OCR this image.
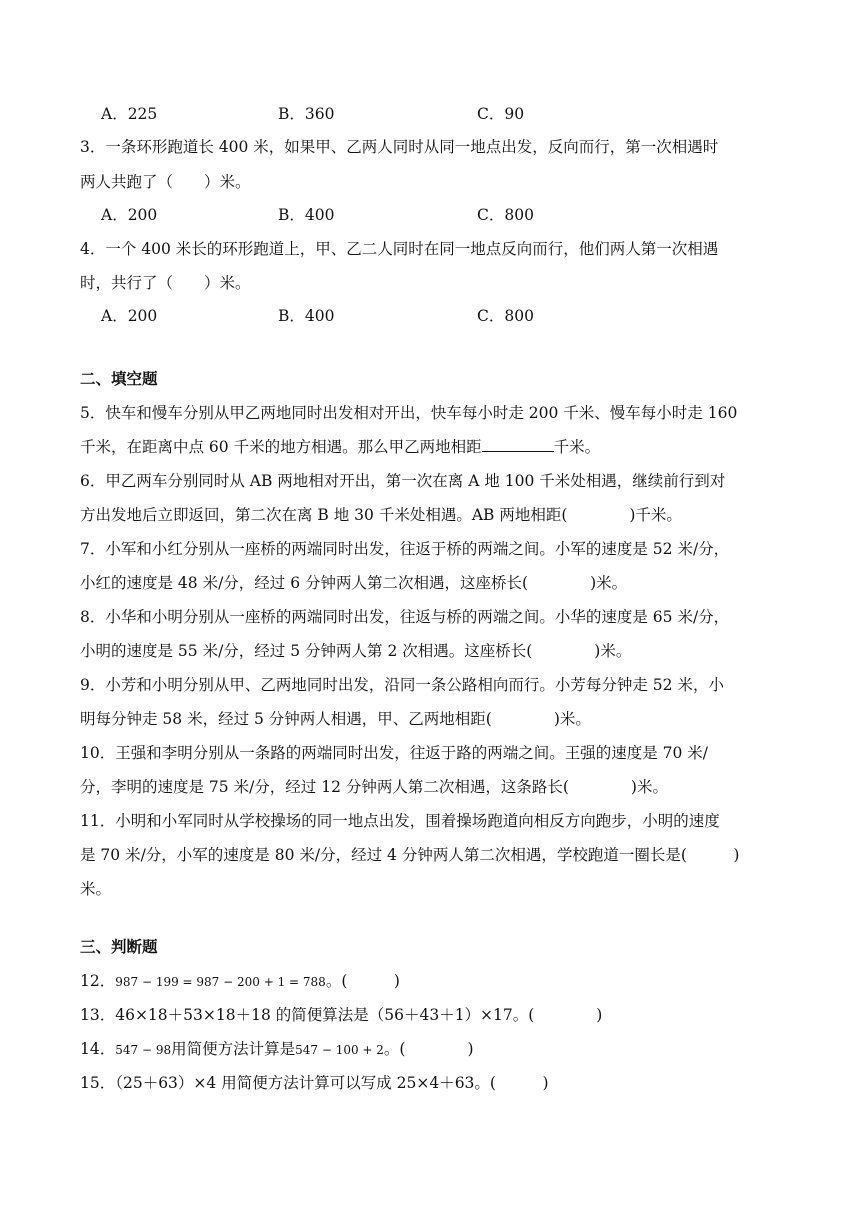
A．225	B．360	C．90
3．一条环形跑道长 400 米，如果甲、乙两人同时从同一地点出发，反向而行，第一次相遇时
两人共跑了（　　）米。
A．200	B．400	C．800
4．一个 400 米长的环形跑道上，甲、乙二人同时在同一地点反向而行，他们两人第一次相遇
时，共行了（　　）米。
A．200	B．400	C．800
二、填空题
5．快车和慢车分别从甲乙两地同时出发相对开出，快车每小时走 200 千米、慢车每小时走 160
千米，在距离中点 60 千米的地方相遇。那么甲乙两地相距	千米。
6．甲乙两车分别同时从 AB 两地相对开出，第一次在离 A 地 100 千米处相遇，继续前行到对
方出发地后立即返回，第二次在离 B 地 30 千米处相遇。AB 两地相距(　　　　)千米。
7．小军和小红分别从一座桥的两端同时出发，往返于桥的两端之间。小军的速度是 52 米/分，
小红的速度是 48 米/分，经过 6 分钟两人第二次相遇，这座桥长(　　　　)米。
8．小华和小明分别从一座桥的两端同时出发，往返与桥的两端之间。小华的速度是 65 米/分，
小明的速度是 55 米/分，经过 5 分钟两人第 2 次相遇。这座桥长(　　　　)米。
9．小芳和小明分别从甲、乙两地同时出发，沿同一条公路相向而行。小芳每分钟走 52 米，小
明每分钟走 58 米，经过 5 分钟两人相遇，甲、乙两地相距(　　　　)米。
10．王强和李明分别从一条路的两端同时出发，往返于路的两端之间。王强的速度是 70 米/
分，李明的速度是 75 米/分，经过 12 分钟两人第二次相遇，这条路长(　　　　)米。
11．小明和小军同时从学校操场的同一地点出发，围着操场跑道向相反方向跑步，小明的速度
是 70 米/分，小军的速度是 80 米/分，经过 4 分钟两人第二次相遇，学校跑道一圈长是(　　　)
米。
三、判断题
12．987 − 199 = 987 − 200 + 1 = 788。(　　　)
13．46×18＋53×18＋18 的简便算法是（56＋43＋1）×17。(　　　　)
14．547 − 98用简便方法计算是547 − 100 + 2。(　　　　)
15．（25＋63）×4 用简便方法计算可以写成 25×4＋63。(　　　)
